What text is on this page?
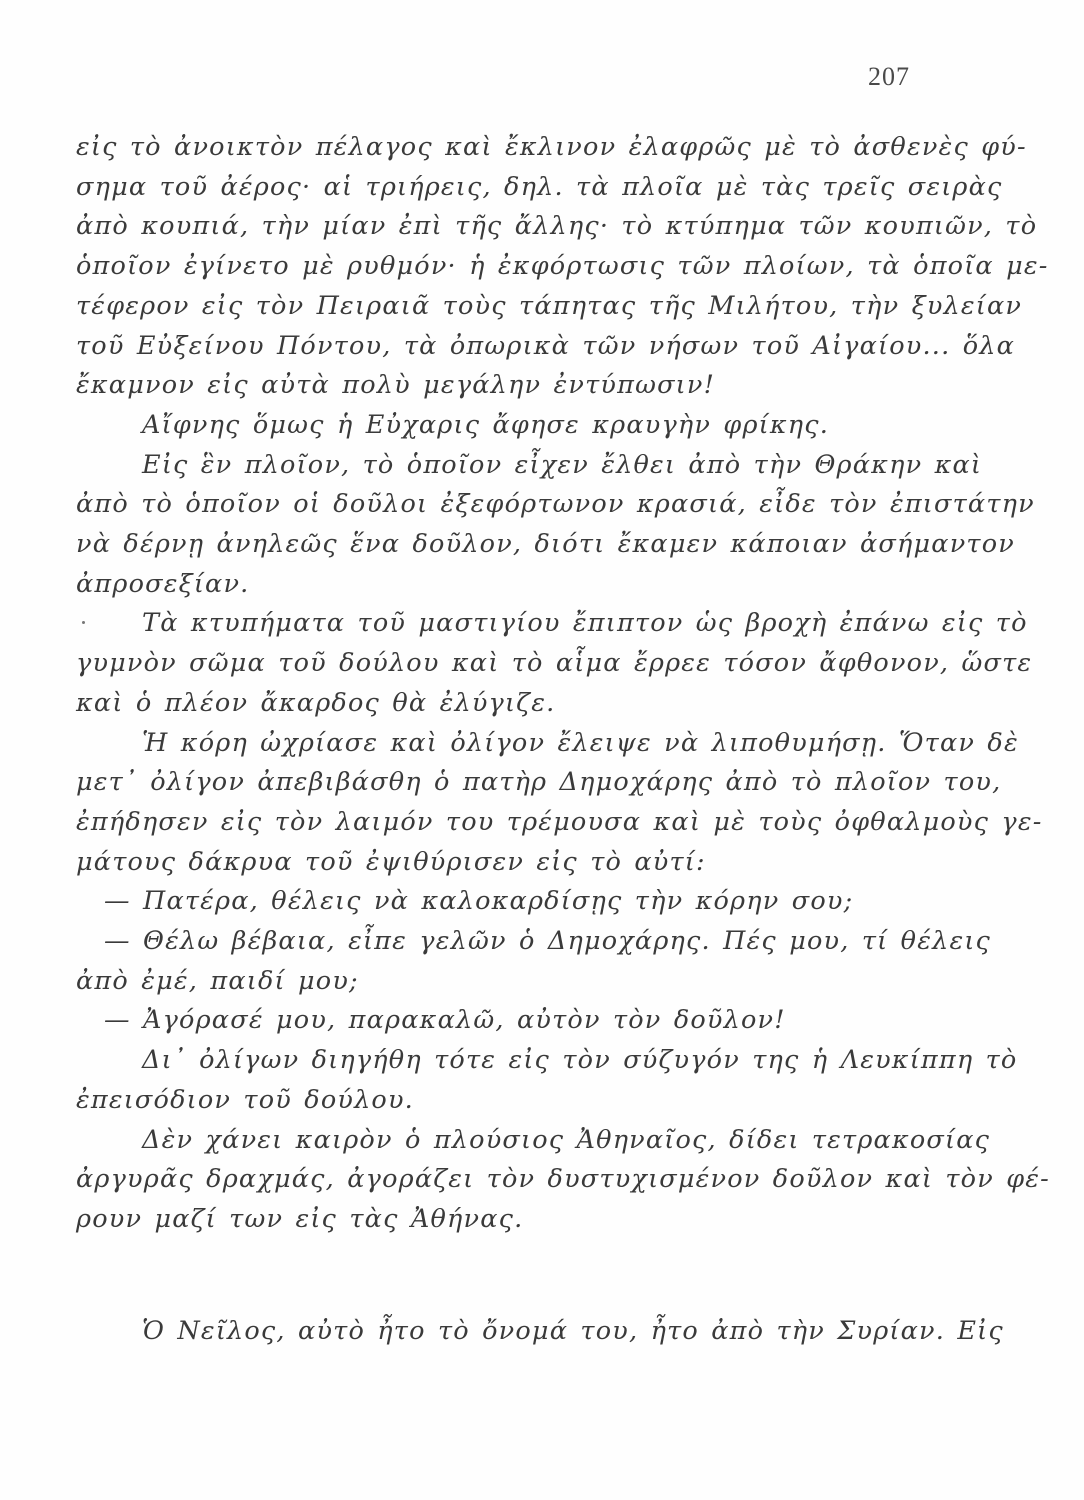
207
εἰς τὸ ἀνοικτὸν πέλαγος καὶ ἔκλινον ἐλαφρῶς μὲ τὸ ἀσθενὲς φύ-
σημα τοῦ ἀέρος· αἱ τριήρεις, δηλ. τὰ πλοῖα μὲ τὰς τρεῖς σειρὰς
ἀπὸ κουπιά, τὴν μίαν ἐπὶ τῆς ἄλλης· τὸ κτύπημα τῶν κουπιῶν, τὸ
ὁποῖον ἐγίνετο μὲ ρυθμόν· ἡ ἐκφόρτωσις τῶν πλοίων, τὰ ὁποῖα με-
τέφερον εἰς τὸν Πειραιᾶ τοὺς τάπητας τῆς Μιλήτου, τὴν ξυλείαν
τοῦ Εὐξείνου Πόντου, τὰ ὀπωρικὰ τῶν νήσων τοῦ Αἰγαίου... ὅλα
ἔκαμνον εἰς αὐτὰ πολὺ μεγάλην ἐντύπωσιν!
Αἴφνης ὅμως ἡ Εὐχαρις ἄφησε κραυγὴν φρίκης.
Εἰς ἓν πλοῖον, τὸ ὁποῖον εἶχεν ἔλθει ἀπὸ τὴν Θράκην καὶ
ἀπὸ τὸ ὁποῖον οἱ δοῦλοι ἐξεφόρτωνον κρασιά, εἶδε τὸν ἐπιστάτην
νὰ δέρνῃ ἀνηλεῶς ἕνα δοῦλον, διότι ἔκαμεν κάποιαν ἀσήμαντον
ἀπροσεξίαν.
Τὰ κτυπήματα τοῦ μαστιγίου ἔπιπτον ὡς βροχὴ ἐπάνω εἰς τὸ
γυμνὸν σῶμα τοῦ δούλου καὶ τὸ αἷμα ἔρρεε τόσον ἄφθονον, ὥστε
καὶ ὁ πλέον ἄκαρδος θὰ ἐλύγιζε.
Ἡ κόρη ὠχρίασε καὶ ὀλίγον ἔλειψε νὰ λιποθυμήσῃ. Ὅταν δὲ
μετ᾽ ὀλίγον ἀπεβιβάσθη ὁ πατὴρ Δημοχάρης ἀπὸ τὸ πλοῖον του,
ἐπήδησεν εἰς τὸν λαιμόν του τρέμουσα καὶ μὲ τοὺς ὀφθαλμοὺς γε-
μάτους δάκρυα τοῦ ἐψιθύρισεν εἰς τὸ αὐτί:
— Πατέρα, θέλεις νὰ καλοκαρδίσῃς τὴν κόρην σου;
— Θέλω βέβαια, εἶπε γελῶν ὁ Δημοχάρης. Πές μου, τί θέλεις
ἀπὸ ἐμέ, παιδί μου;
— Ἀγόρασέ μου, παρακαλῶ, αὐτὸν τὸν δοῦλον!
Δι᾽ ὀλίγων διηγήθη τότε εἰς τὸν σύζυγόν της ἡ Λευκίππη τὸ
ἐπεισόδιον τοῦ δούλου.
Δὲν χάνει καιρὸν ὁ πλούσιος Ἀθηναῖος, δίδει τετρακοσίας
ἀργυρᾶς δραχμάς, ἀγοράζει τὸν δυστυχισμένον δοῦλον καὶ τὸν φέ-
ρουν μαζί των εἰς τὰς Ἀθήνας.
Ὁ Νεῖλος, αὐτὸ ἦτο τὸ ὄνομά του, ἦτο ἀπὸ τὴν Συρίαν. Εἰς
